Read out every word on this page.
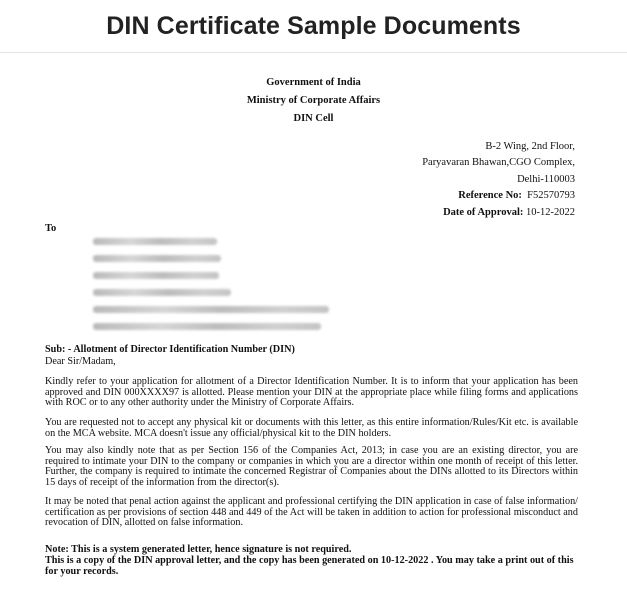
DIN Certificate Sample Documents
Government of India
Ministry of Corporate Affairs
DIN Cell
B-2 Wing, 2nd Floor,
Paryavaran Bhawan,CGO Complex,
Delhi-110003
Reference No: F52570793
Date of Approval: 10-12-2022
To
Sub: - Allotment of Director Identification Number (DIN)
Dear Sir/Madam,
Kindly refer to your application for allotment of a Director Identification Number. It is to inform that your application has been approved and DIN 000XXXX97 is allotted. Please mention your DIN at the appropriate place while filing forms and applications with ROC or to any other authority under the Ministry of Corporate Affairs.
You are requested not to accept any physical kit or documents with this letter, as this entire information/Rules/Kit etc. is available on the MCA website. MCA doesn't issue any official/physical kit to the DIN holders.
You may also kindly note that as per Section 156 of the Companies Act, 2013; in case you are an existing director, you are required to intimate your DIN to the company or companies in which you are a director within one month of receipt of this letter. Further, the company is required to intimate the concerned Registrar of Companies about the DINs allotted to its Directors within 15 days of receipt of the information from the director(s).
It may be noted that penal action against the applicant and professional certifying the DIN application in case of false information/ certification as per provisions of section 448 and 449 of the Act will be taken in addition to action for professional misconduct and revocation of DIN, allotted on false information.
Note: This is a system generated letter, hence signature is not required.
This is a copy of the DIN approval letter, and the copy has been generated on 10-12-2022 . You may take a print out of this for your records.
